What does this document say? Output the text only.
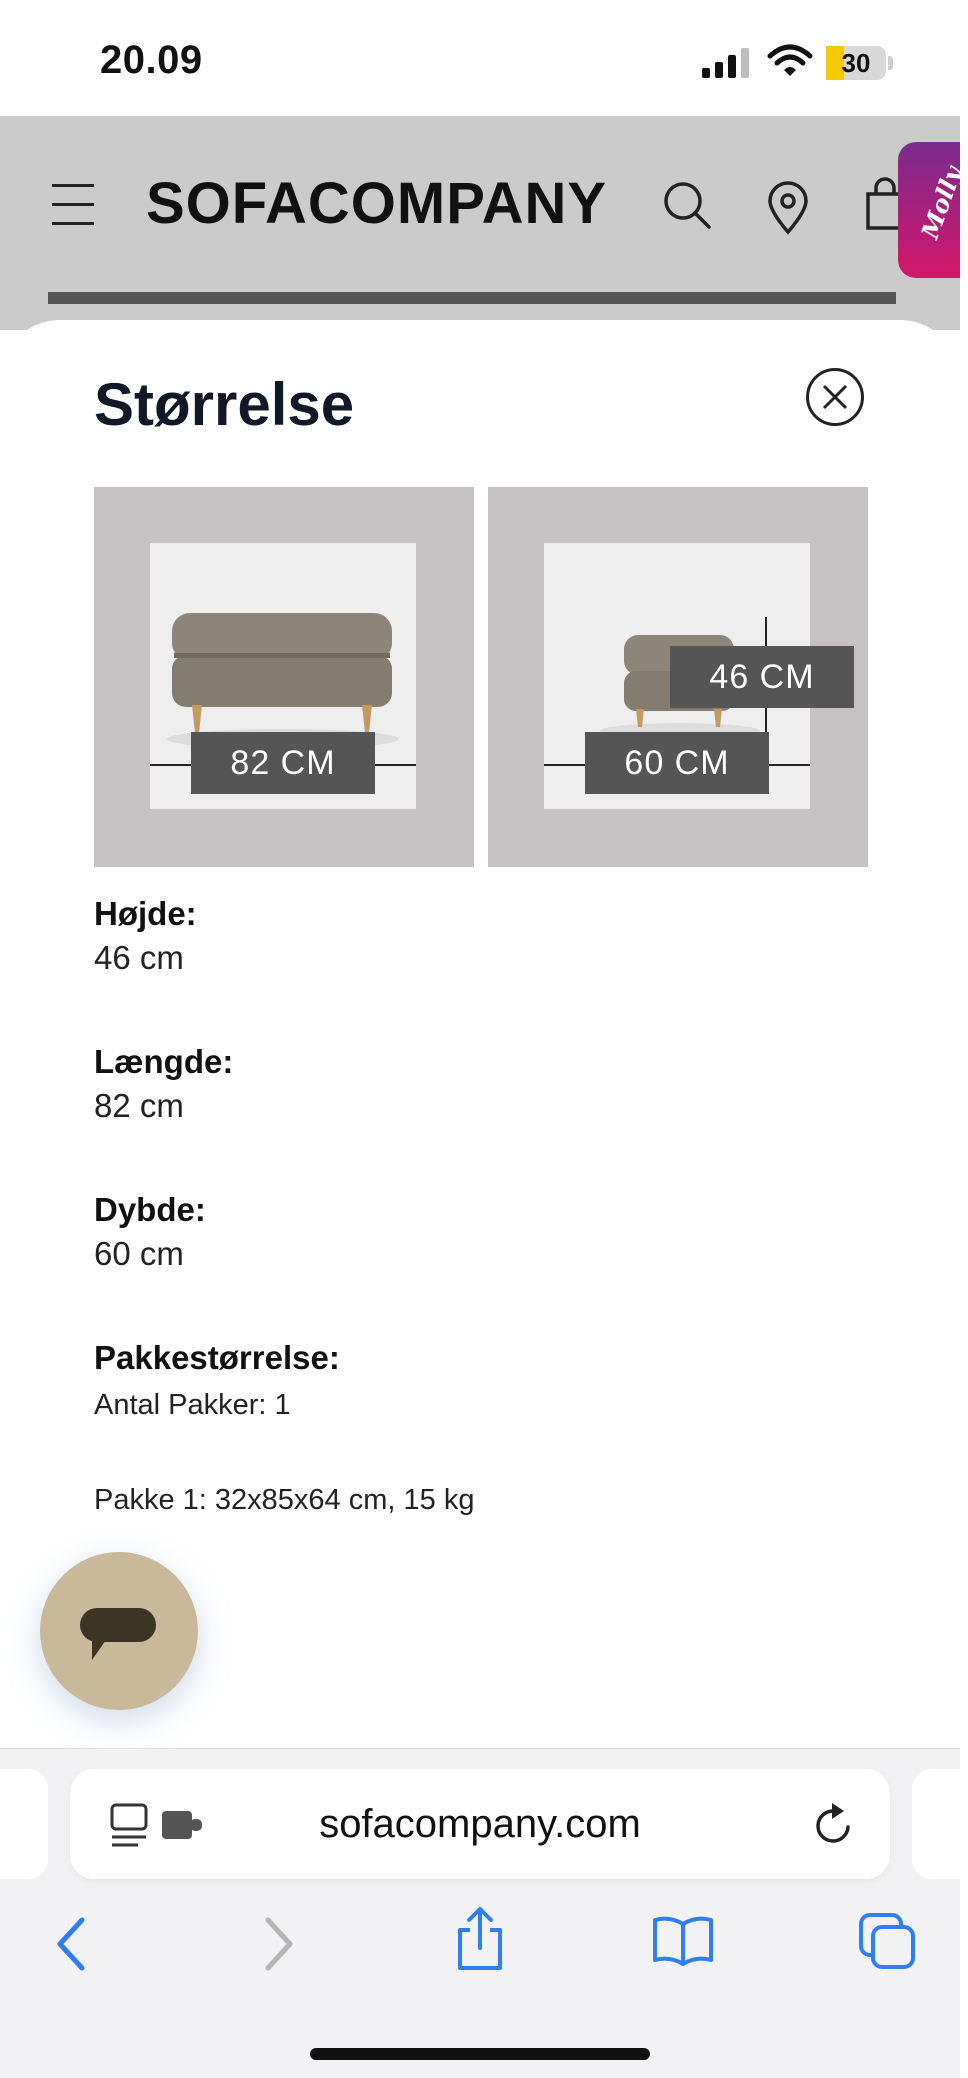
20.09	30
SOFACOMPANY	Molly
Størrelse
82 CM
46 CM
60 CM
Højde:
46 cm
Længde:
82 cm
Dybde:
60 cm
Pakkestørrelse:
Antal Pakker: 1
Pakke 1: 32x85x64 cm, 15 kg
sofacompany.com
